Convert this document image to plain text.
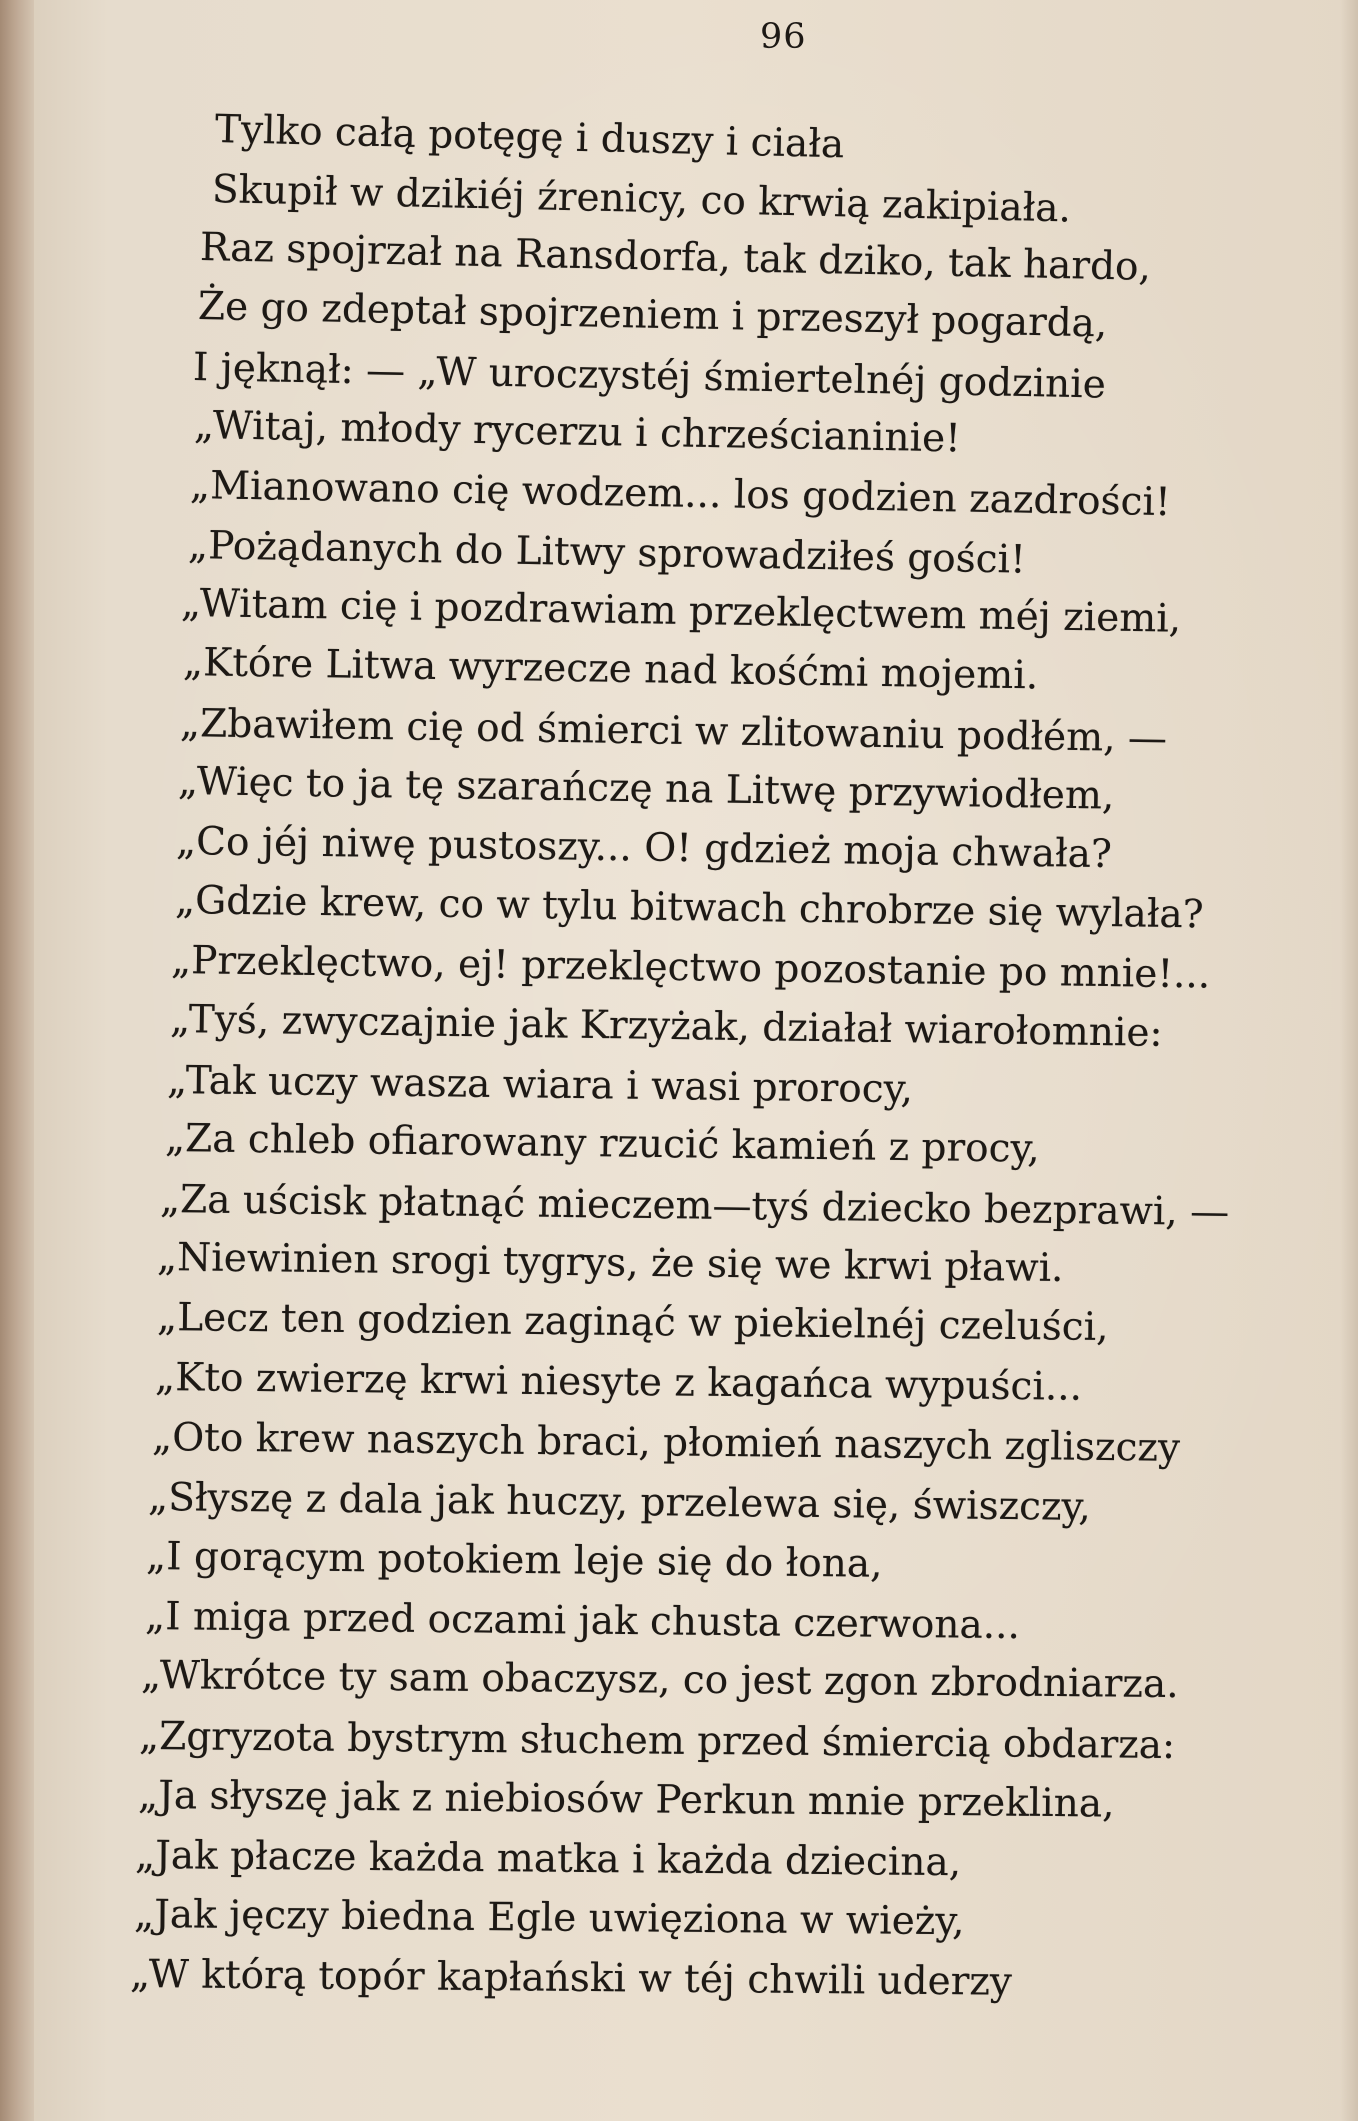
96
Tylko całą potęgę i duszy i ciała
Skupił w dzikiéj źrenicy, co krwią zakipiała.
Raz spojrzał na Ransdorfa, tak dziko, tak hardo,
Że go zdeptał spojrzeniem i przeszył pogardą,
I jęknął: — „W uroczystéj śmiertelnéj godzinie
„Witaj, młody rycerzu i chrześcianinie!
„Mianowano cię wodzem... los godzien zazdrości!
„Pożądanych do Litwy sprowadziłeś gości!
„Witam cię i pozdrawiam przeklęctwem méj ziemi,
„Które Litwa wyrzecze nad kośćmi mojemi.
„Zbawiłem cię od śmierci w zlitowaniu podłém, —
„Więc to ja tę szarańczę na Litwę przywiodłem,
„Co jéj niwę pustoszy... O! gdzież moja chwała?
„Gdzie krew, co w tylu bitwach chrobrze się wylała?
„Przeklęctwo, ej! przeklęctwo pozostanie po mnie!...
„Tyś, zwyczajnie jak Krzyżak, działał wiarołomnie:
„Tak uczy wasza wiara i wasi prorocy,
„Za chleb ofiarowany rzucić kamień z procy,
„Za uścisk płatnąć mieczem—tyś dziecko bezprawi, —
„Niewinien srogi tygrys, że się we krwi pławi.
„Lecz ten godzien zaginąć w piekielnéj czeluści,
„Kto zwierzę krwi niesyte z kagańca wypuści...
„Oto krew naszych braci, płomień naszych zgliszczy
„Słyszę z dala jak huczy, przelewa się, świszczy,
„I gorącym potokiem leje się do łona,
„I miga przed oczami jak chusta czerwona...
„Wkrótce ty sam obaczysz, co jest zgon zbrodniarza.
„Zgryzota bystrym słuchem przed śmiercią obdarza:
„Ja słyszę jak z niebiosów Perkun mnie przeklina,
„Jak płacze każda matka i każda dziecina,
„Jak jęczy biedna Egle uwięziona w wieży,
„W którą topór kapłański w téj chwili uderzy
